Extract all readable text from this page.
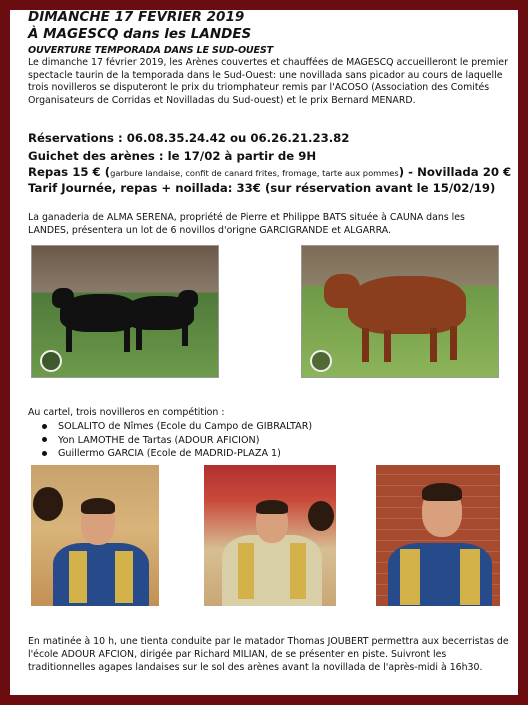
DIMANCHE 17 FEVRIER 2019
À MAGESCQ dans les LANDES
OUVERTURE TEMPORADA DANS LE SUD-OUEST

Le dimanche 17 février 2019, les Arènes couvertes et chauffées de MAGESCQ accueilleront le premier spectacle taurin de la temporada dans le Sud-Ouest: une novillada sans picador au cours de laquelle trois novilleros se disputeront le prix du triomphateur remis par l'ACOSO (Association des Comités Organisateurs de Corridas et Novilladas du Sud-ouest) et le prix Bernard MENARD.

Réservations : 06.08.35.24.42 ou 06.26.21.23.82
Guichet des arènes : le 17/02 à partir de 9H
Repas 15 € (garbure landaise, confit de canard frites, fromage, tarte aux pommes) - Novillada 20 €
Tarif Journée, repas + noillada: 33€ (sur réservation avant le 15/02/19)

La ganaderia de ALMA SERENA, propriété de Pierre et Philippe BATS située à CAUNA dans les LANDES, présentera un lot de 6 novillos d'origne GARCIGRANDE et ALGARRA.

Au cartel, trois novilleros en compétition :
SOLALITO de Nîmes (Ecole du Campo de GIBRALTAR)
Yon LAMOTHE de Tartas (ADOUR AFICION)
Guillermo GARCIA (Ecole de MADRID-PLAZA 1)

En matinée à 10 h, une tienta conduite par le matador Thomas JOUBERT permettra aux becerristas de l'école ADOUR AFCION, dirigée par Richard MILIAN, de se présenter en piste. Suivront les traditionnelles agapes landaises sur le sol des arènes avant la novillada de l'après-midi à 16h30.
